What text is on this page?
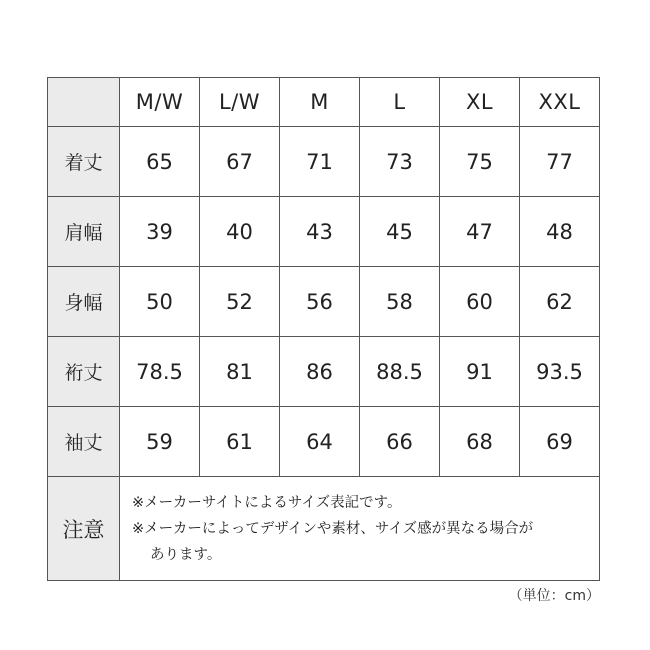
	M/W	L/W	M	L	XL	XXL
着丈	65	67	71	73	75	77
肩幅	39	40	43	45	47	48
身幅	50	52	56	58	60	62
裄丈	78.5	81	86	88.5	91	93.5
袖丈	59	61	64	66	68	69
注意	※メーカーサイトによるサイズ表記です。
※メーカーによってデザインや素材、サイズ感が異なる場合が
あります。					
（単位：cm）
